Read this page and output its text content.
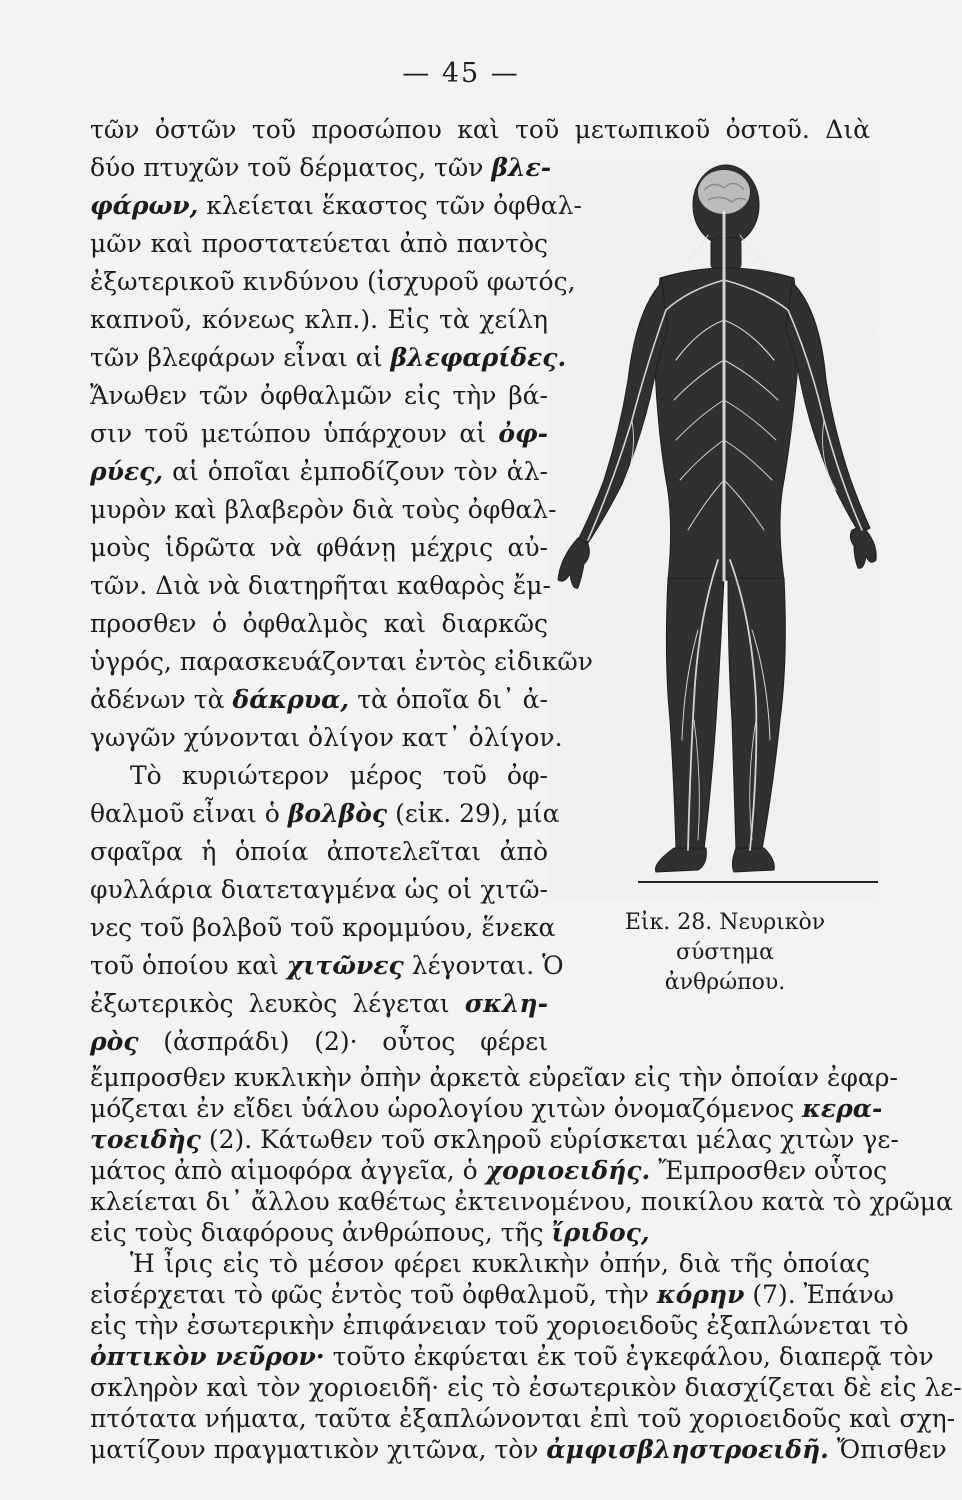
— 45 —
τῶν ὀστῶν τοῦ προσώπου καὶ τοῦ μετωπικοῦ ὀστοῦ. Διὰ
δύο πτυχῶν τοῦ δέρματος, τῶν βλε-
φάρων, κλείεται ἕκαστος τῶν ὀφθαλ-
μῶν καὶ προστατεύεται ἀπὸ παντὸς
ἐξωτερικοῦ κινδύνου (ἰσχυροῦ φωτός,
καπνοῦ, κόνεως κλπ.). Εἰς τὰ χείλη
τῶν βλεφάρων εἶναι αἱ βλεφαρίδες.
Ἄνωθεν τῶν ὀφθαλμῶν εἰς τὴν βά-
σιν τοῦ μετώπου ὑπάρχουν αἱ ὀφ-
ρύες, αἱ ὁποῖαι ἐμποδίζουν τὸν ἁλ-
μυρὸν καὶ βλαβερὸν διὰ τοὺς ὀφθαλ-
μοὺς ἱδρῶτα νὰ φθάνῃ μέχρις αὐ-
τῶν. Διὰ νὰ διατηρῆται καθαρὸς ἔμ-
προσθεν ὁ ὀφθαλμὸς καὶ διαρκῶς
ὑγρός, παρασκευάζονται ἐντὸς εἰδικῶν
ἀδένων τὰ δάκρυα, τὰ ὁποῖα δι᾽ ἀ-
γωγῶν χύνονται ὀλίγον κατ᾽ ὀλίγον.
Τὸ κυριώτερον μέρος τοῦ ὀφ-
θαλμοῦ εἶναι ὁ βολβὸς (εἰκ. 29), μία
σφαῖρα ἡ ὁποία ἀποτελεῖται ἀπὸ
φυλλάρια διατεταγμένα ὡς οἱ χιτῶ-
νες τοῦ βολβοῦ τοῦ κρομμύου, ἕνεκα
τοῦ ὁποίου καὶ χιτῶνες λέγονται. Ὁ
ἐξωτερικὸς λευκὸς λέγεται σκλη-
ρὸς (ἀσπράδι) (2)· οὗτος φέρει
ἔμπροσθεν κυκλικὴν ὀπὴν ἀρκετὰ εὐρεῖαν εἰς τὴν ὁποίαν ἐφαρ-
μόζεται ἐν εἴδει ὑάλου ὡρολογίου χιτὼν ὀνομαζόμενος κερα-
τοειδὴς (2). Κάτωθεν τοῦ σκληροῦ εὑρίσκεται μέλας χιτὼν γε-
μάτος ἀπὸ αἱμοφόρα ἀγγεῖα, ὁ χοριοειδής. Ἔμπροσθεν οὗτος
κλείεται δι᾽ ἄλλου καθέτως ἐκτεινομένου, ποικίλου κατὰ τὸ χρῶμα
εἰς τοὺς διαφόρους ἀνθρώπους, τῆς ἴριδος,
Ἡ ἶρις εἰς τὸ μέσον φέρει κυκλικὴν ὀπήν, διὰ τῆς ὁποίας
εἰσέρχεται τὸ φῶς ἐντὸς τοῦ ὀφθαλμοῦ, τὴν κόρην (7). Ἐπάνω
εἰς τὴν ἐσωτερικὴν ἐπιφάνειαν τοῦ χοριοειδοῦς ἐξαπλώνεται τὸ
ὀπτικὸν νεῦρον· τοῦτο ἐκφύεται ἐκ τοῦ ἐγκεφάλου, διαπερᾷ τὸν
σκληρὸν καὶ τὸν χοριοειδῆ· εἰς τὸ ἐσωτερικὸν διασχίζεται δὲ εἰς λε-
Εἰκ. 28. Νευρικὸν σύστημα
ἀνθρώπου.
πτότατα νήματα, ταῦτα ἐξαπλώνονται ἐπὶ τοῦ χοριοειδοῦς καὶ σχη-
ματίζουν πραγματικὸν χιτῶνα, τὸν ἀμφισβληστροειδῆ. Ὄπισθεν
